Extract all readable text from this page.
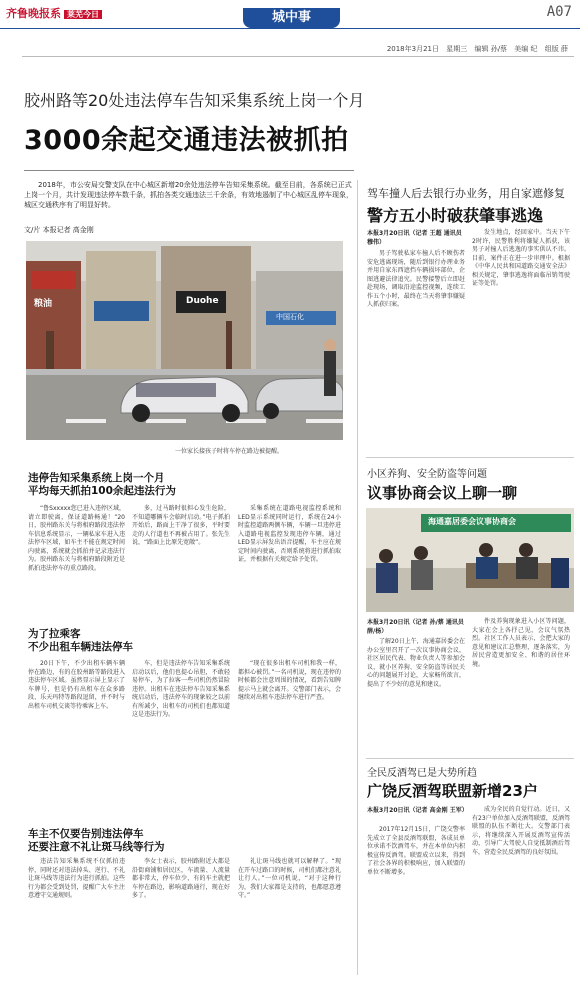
齐鲁晚报系 莱芜今日	城中事	A07
2018年3月21日 星期三 编辑 孙/蔡 美编 纪 组版 薛
胶州路等20处违法停车告知采集系统上岗一个月
3000余起交通违法被抓拍
2018年，市公安局交警支队在中心城区新增20余处违法停车告知采集系统。截至目前，各系统已正式上岗一个月，共计发现违法停车数千条，抓拍各类交通违法三千余条，有效地遏制了中心城区乱停车现象，城区交通秩序有了明显好转。
文/片 本报记者 高金刚
粮油	Duohe
中国石化
一位家长接孩子时将车停在路边被提醒。
违停告知采集系统上岗一个月
平均每天抓拍100余起违法行为

“鲁Sxxxxx您已进入违停区域，请立即驶离，保证道路畅通！”20日，胶州路东关与将相府路段违法停车信息系统显示，一辆私家车进入违法停车区域，如车主不能在规定时间内驶离，系统就会抓拍并记录违法行为。胶州路东关与将相府路段附近是抓拍违法停车的重点路段。

多，过马路时很担心发生危险，不知道哪辆车会临时启动。”电子抓拍开始后，路面上干净了很多，平时要走的人行道也不再被占用了。张先生说，“路面上比原先宽敞”。

采集系统在道路电视监控系统和LED显示系统同时运行，系统在24小时监控道路两侧车辆，车辆一旦违停进入道路电视监控发现违停车辆，通过LED显示屏发出语音提醒，车主应在规定时间内驶离，否则系统将进行抓拍取证，并根据有关规定给予处罚。

为了拉乘客
不少出租车辆违法停车

20日下午，不少出租车辆车辆停在路边，有的在胶州路等路段进入违法停车区域。虽然显示屏上显示了车牌号，但是仍有出租车在众多路段、乐天玛特等路段逗留，并不时与出租车司机交谈等待乘客上车。

车，但是违法停车告知采集系统启动以后，他们也提心吊胆，不敢轻易停车，为了拉客一些司机仍然冒险违停。出租车在违法停车告知采集系统启动后，违法停车的现象较之以前有所减少，出租车的司机们也都知道这是违法行为。

“现在很多出租车司机和我一样，都担心被罚。”一名司机说，现在违停的时候都会注意周围的情况，看到告知牌提示马上就会离开。交警部门表示，会继续对出租车违法停车进行严查。

车主不仅要告别违法停车
还要注意不礼让斑马线等行为

违法告知采集系统不仅抓拍违停，同时还对违法掉头、逆行、不礼让斑马线等违法行为进行抓拍。这些行为都会受到处罚，提醒广大车主注意遵守交通规则。

李女士表示，胶州路附近大都是沿街商铺和居民区，车流量、人流量都非常大，停车位少，有的车主就把车停在路边，影响道路通行，现在好多了。

礼让斑马线也就可以解释了。“现在开车过路口的时候，司机们都注意礼让行人。”一位司机说，“对于这种行为，我们大家都是支持的，也都愿意遵守。”

驾车撞人后去银行办业务，用自家遮修复
警方五小时破获肇事逃逸
本报3月20日讯（记者 王超 通讯员 穆伟）

男子驾驶私家车撞人后不顾伤者安危逃离现场，随后到银行办理业务并用自家东西遮挡车辆损坏部位，企图逃避法律追究。民警接警后立即赶赴现场，调取沿途监控视频，连续工作五个小时，最终在当天将肇事嫌疑人抓获归案。

发生地点，经回家中。当天下午2时许，民警胜利将嫌疑人抓获，该男子对撞人后逃逸的事实供认不讳。目前，案件正在进一步审理中。根据《中华人民共和国道路交通安全法》相关规定，肇事逃逸将面临吊销驾驶证等处罚。

小区养狗、安全防盗等问题
议事协商会议上聊一聊
海通嘉居委会议事协商会
本报3月20日讯（记者 孙/蔡 通讯员 薛/杨）

了解20日上午，海通嘉居委会在办公室里召开了一次议事协商会议，社区居民代表、物业负责人等参加会议，就小区养狗、安全防盗等居民关心的问题展开讨论，大家畅所欲言，提出了不少好的意见和建议。

件及养狗现象进入小区等问题，大家在会上各抒己见，会议气氛热烈。社区工作人员表示，会把大家的意见和建议汇总整理，逐条落实，为居民营造更加安全、和谐的居住环境。

全民反酒驾已是大势所趋
广饶反酒驾联盟新增23户
本报3月20日讯（记者 高金刚 王军）

2017年12月15日，广饶交警率先成立了全县反酒驾联盟，各成员单位承诺不饮酒驾车，并在本单位内积极宣传反酒驾。联盟成立以来，得到了社会各界的积极响应，加入联盟的单位不断增多。

成为全民的自觉行动。近日，又有23户单位加入反酒驾联盟，反酒驾联盟的队伍不断壮大。交警部门表示，将继续深入开展反酒驾宣传活动，引导广大驾驶人自觉抵制酒后驾车，营造全民反酒驾的良好氛围。
